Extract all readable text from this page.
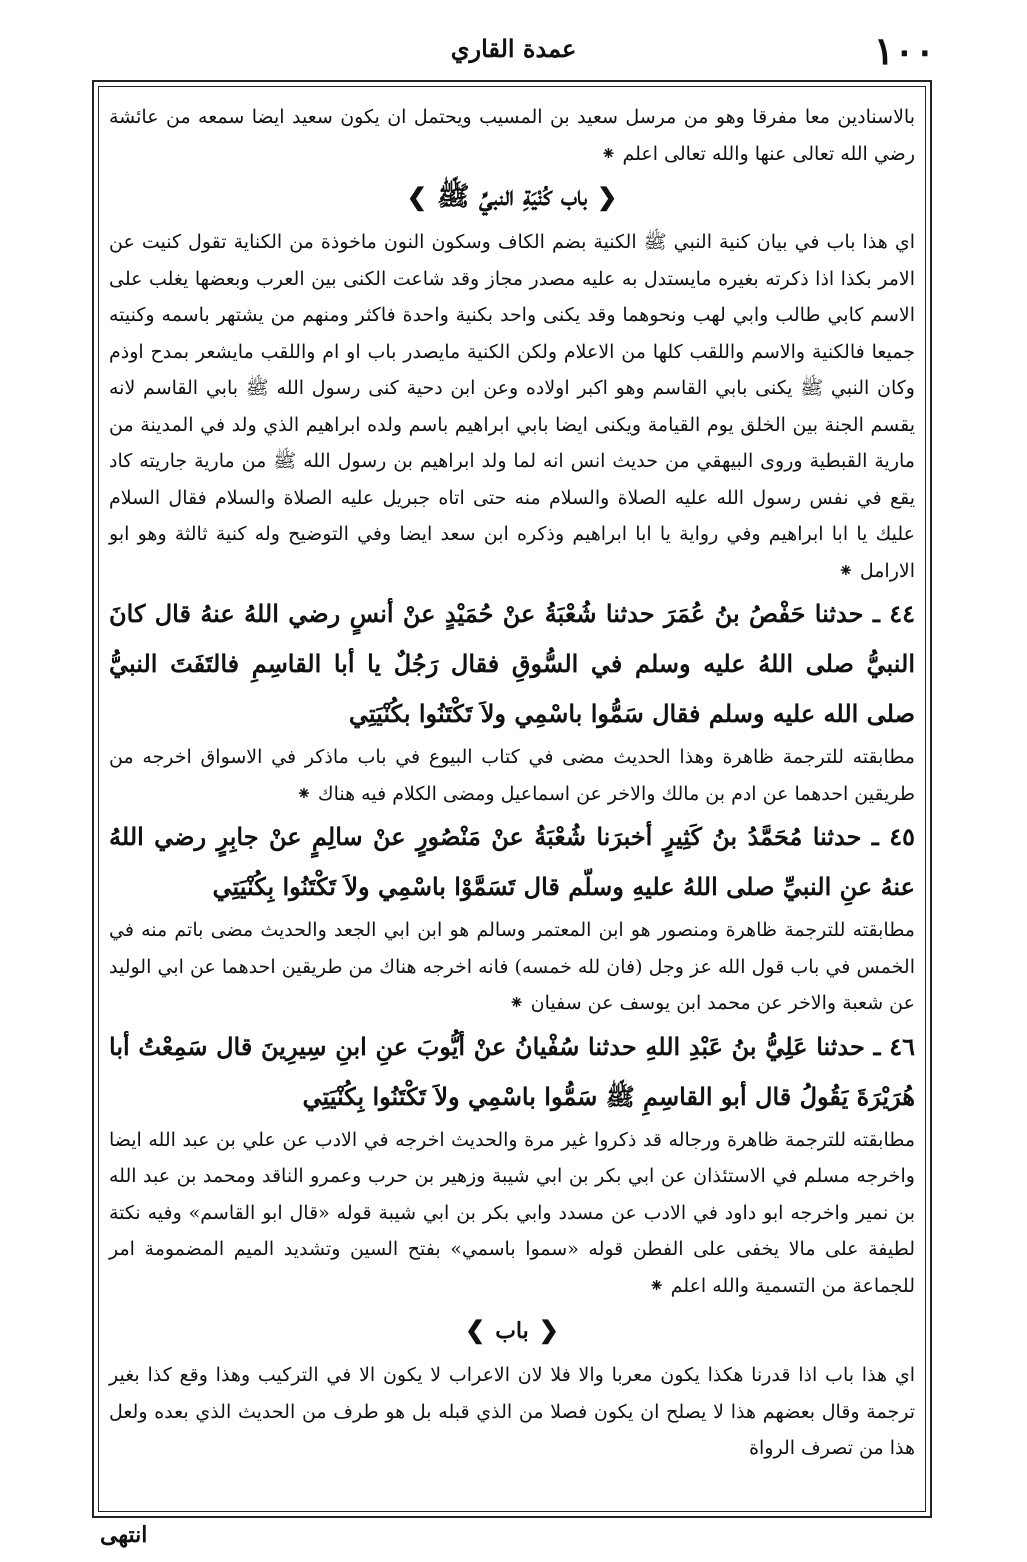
١٠٠
عمدة القاري

بالاسنادين معا مفرقا وهو من مرسل سعيد بن المسيب ويحتمل ان يكون سعيد ايضا سمعه من عائشة رضي الله تعالى عنها والله تعالى اعلم ⁕

❮باب كُنْيَةِ النبيِّ ﷺ❯

اي هذا باب في بيان كنية النبي ﷺ الكنية بضم الكاف وسكون النون ماخوذة من الكناية تقول كنيت عن الامر بكذا اذا ذكرته بغيره مايستدل به عليه مصدر مجاز وقد شاعت الكنى بين العرب وبعضها يغلب على الاسم كابي طالب وابي لهب ونحوهما وقد يكنى واحد بكنية واحدة فاكثر ومنهم من يشتهر باسمه وكنيته جميعا فالكنية والاسم واللقب كلها من الاعلام ولكن الكنية مايصدر باب او ام واللقب مايشعر بمدح اوذم وكان النبي ﷺ يكنى بابي القاسم وهو اكبر اولاده وعن ابن دحية كنى رسول الله ﷺ بابي القاسم لانه يقسم الجنة بين الخلق يوم القيامة ويكنى ايضا بابي ابراهيم باسم ولده ابراهيم الذي ولد في المدينة من مارية القبطية وروى البيهقي من حديث انس انه لما ولد ابراهيم بن رسول الله ﷺ من مارية جاريته كاد يقع في نفس رسول الله عليه الصلاة والسلام منه حتى اتاه جبريل عليه الصلاة والسلام فقال السلام عليك يا ابا ابراهيم وفي رواية يا ابا ابراهيم وذكره ابن سعد ايضا وفي التوضيح وله كنية ثالثة وهو ابو الارامل ⁕

٤٤ ـ حدثنا حَفْصُ بنُ عُمَرَ حدثنا شُعْبَةُ عنْ حُمَيْدٍ عنْ أنسٍ رضي اللهُ عنهُ قال كانَ النبيُّ صلى اللهُ عليه وسلم في السُّوقِ فقال رَجُلٌ يا أبا القاسِمِ فالتَفَتَ النبيُّ صلى الله عليه وسلم فقال سَمُّوا باسْمِي ولاَ تَكْتَنُوا بكُنْيَتِي

مطابقته للترجمة ظاهرة وهذا الحديث مضى في كتاب البيوع في باب ماذكر في الاسواق اخرجه من طريقين احدهما عن ادم بن مالك والاخر عن اسماعيل ومضى الكلام فيه هناك ⁕

٤٥ ـ حدثنا مُحَمَّدُ بنُ كَثِيرٍ أخبرَنا شُعْبَةُ عنْ مَنْصُورٍ عنْ سالِمٍ عنْ جابِرٍ رضي اللهُ عنهُ عنِ النبيِّ صلى اللهُ عليهِ وسلّم قال تَسَمَّوْا باسْمِي ولاَ تَكْتَنُوا بِكُنْيَتِي

مطابقته للترجمة ظاهرة ومنصور هو ابن المعتمر وسالم هو ابن ابي الجعد والحديث مضى باتم منه في الخمس في باب قول الله عز وجل (فان لله خمسه) فانه اخرجه هناك من طريقين احدهما عن ابي الوليد عن شعبة والاخر عن محمد ابن يوسف عن سفيان ⁕

٤٦ ـ حدثنا عَلِيُّ بنُ عَبْدِ اللهِ حدثنا سُفْيانُ عنْ أيُّوبَ عنِ ابنِ سِيرِينَ قال سَمِعْتُ أبا هُرَيْرَةَ يَقُولُ قال أبو القاسِمِ ﷺ سَمُّوا باسْمِي ولاَ تَكْتَنُوا بِكُنْيَتِي

مطابقته للترجمة ظاهرة ورجاله قد ذكروا غير مرة والحديث اخرجه في الادب عن علي بن عبد الله ايضا واخرجه مسلم في الاستئذان عن ابي بكر بن ابي شيبة وزهير بن حرب وعمرو الناقد ومحمد بن عبد الله بن نمير واخرجه ابو داود في الادب عن مسدد وابي بكر بن ابي شيبة قوله «قال ابو القاسم» وفيه نكتة لطيفة على مالا يخفى على الفطن قوله «سموا باسمي» بفتح السين وتشديد الميم المضمومة امر للجماعة من التسمية والله اعلم ⁕

❮باب❯

اي هذا باب اذا قدرنا هكذا يكون معربا والا فلا لان الاعراب لا يكون الا في التركيب وهذا وقع كذا بغير ترجمة وقال بعضهم هذا لا يصلح ان يكون فصلا من الذي قبله بل هو طرف من الحديث الذي بعده ولعل هذا من تصرف الرواة

انتهى
